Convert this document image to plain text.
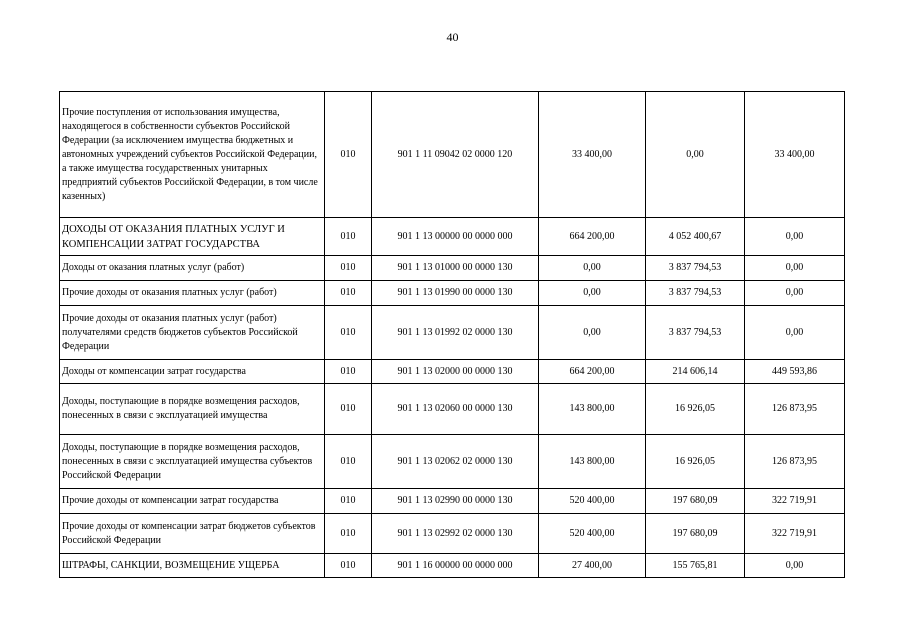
40
Прочие поступления от использования имущества, находящегося в собственности субъектов Российской Федерации (за исключением имущества бюджетных и автономных учреждений субъектов Российской Федерации, а также имущества государственных унитарных предприятий субъектов Российской Федерации, в том числе казенных)	010	901 1 11 09042 02 0000 120	33 400,00	0,00	33 400,00
ДОХОДЫ ОТ ОКАЗАНИЯ ПЛАТНЫХ УСЛУГ И КОМПЕНСАЦИИ ЗАТРАТ ГОСУДАРСТВА	010	901 1 13 00000 00 0000 000	664 200,00	4 052 400,67	0,00
Доходы от оказания платных услуг (работ)	010	901 1 13 01000 00 0000 130	0,00	3 837 794,53	0,00
Прочие доходы от оказания платных услуг (работ)	010	901 1 13 01990 00 0000 130	0,00	3 837 794,53	0,00
Прочие доходы от оказания платных услуг (работ) получателями средств бюджетов субъектов Российской Федерации	010	901 1 13 01992 02 0000 130	0,00	3 837 794,53	0,00
Доходы от компенсации затрат государства	010	901 1 13 02000 00 0000 130	664 200,00	214 606,14	449 593,86
Доходы, поступающие в порядке возмещения расходов, понесенных в связи с эксплуатацией имущества	010	901 1 13 02060 00 0000 130	143 800,00	16 926,05	126 873,95
Доходы, поступающие в порядке возмещения расходов, понесенных в связи с эксплуатацией имущества субъектов Российской Федерации	010	901 1 13 02062 02 0000 130	143 800,00	16 926,05	126 873,95
Прочие доходы от компенсации затрат государства	010	901 1 13 02990 00 0000 130	520 400,00	197 680,09	322 719,91
Прочие доходы от компенсации затрат бюджетов субъектов Российской Федерации	010	901 1 13 02992 02 0000 130	520 400,00	197 680,09	322 719,91
ШТРАФЫ, САНКЦИИ, ВОЗМЕЩЕНИЕ УЩЕРБА	010	901 1 16 00000 00 0000 000	27 400,00	155 765,81	0,00
